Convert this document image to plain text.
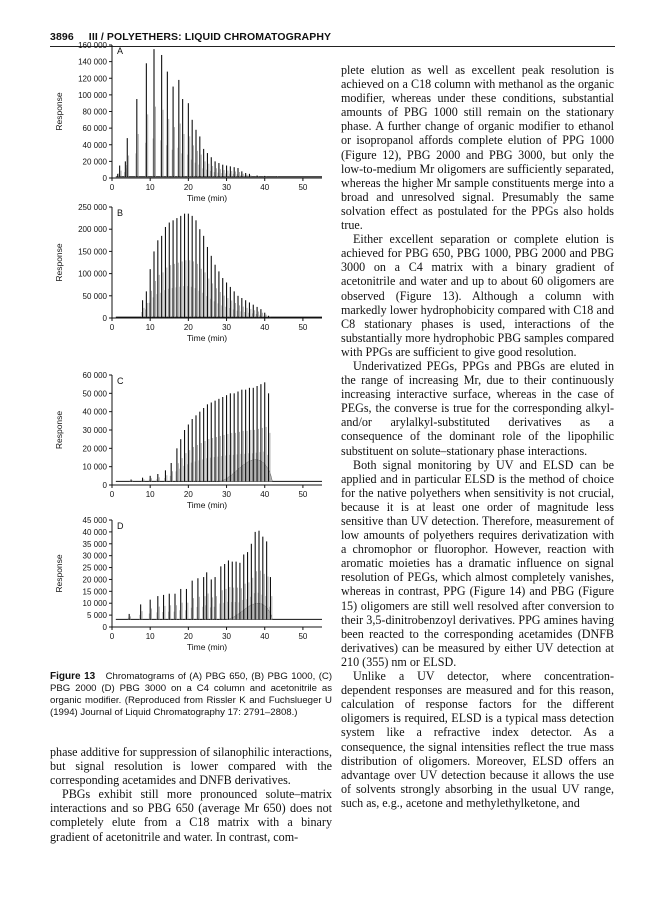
3896 III / POLYETHERS: LIQUID CHROMATOGRAPHY
0
20 000
40 000
60 000
80 000
100 000
120 000
140 000
160 000
0	10	20	30	40	50
Time (min)
Response
A
0
50 000
100 000
150 000
200 000
250 000
0	10	20	30	40	50
Time (min)
Response
B
0
10 000
20 000
30 000
40 000
50 000
60 000
0	10	20	30	40	50
Time (min)
Response
C
0
5 000
10 000
15 000
20 000
25 000
30 000
35 000
40 000
45 000
0	10	20	30	40	50
Time (min)
Response
D
Figure 13 Chromatograms of (A) PBG 650, (B) PBG 1000, (C) PBG 2000 (D) PBG 3000 on a C4 column and acetonitrile as organic modifier. (Reproduced from Rissler K and Fuchslueger U (1994) Journal of Liquid Chromatography 17: 2791–2808.)

phase additive for suppression of silanophilic interactions, but signal resolution is lower compared with the corresponding acetamides and DNFB derivatives.

PBGs exhibit still more pronounced solute–matrix interactions and so PBG 650 (average Mr 650) does not completely elute from a C18 matrix with a binary gradient of acetonitrile and water. In contrast, com-

plete elution as well as excellent peak resolution is achieved on a C18 column with methanol as the organic modifier, whereas under these conditions, substantial amounts of PBG 1000 still remain on the stationary phase. A further change of organic modifier to ethanol or isopropanol affords complete elution of PPG 1000 (Figure 12), PBG 2000 and PBG 3000, but only the low-to-medium Mr oligomers are sufficiently separated, whereas the higher Mr sample constituents merge into a broad and unresolved signal. Presumably the same solvation effect as postulated for the PPGs also holds true.

Either excellent separation or complete elution is achieved for PBG 650, PBG 1000, PBG 2000 and PBG 3000 on a C4 matrix with a binary gradient of acetonitrile and water and up to about 60 oligomers are observed (Figure 13). Although a column with markedly lower hydrophobicity compared with C18 and C8 stationary phases is used, interactions of the substantially more hydrophobic PBG samples compared with PPGs are sufficient to give good resolution.

Underivatized PEGs, PPGs and PBGs are eluted in the range of increasing Mr, due to their continuously increasing interactive surface, whereas in the case of PEGs, the converse is true for the corresponding alkyl- and/or arylalkyl-substituted derivatives as a consequence of the dominant role of the lipophilic substituent on solute–stationary phase interactions.

Both signal monitoring by UV and ELSD can be applied and in particular ELSD is the method of choice for the native polyethers when sensitivity is not crucial, because it is at least one order of magnitude less sensitive than UV detection. Therefore, measurement of low amounts of polyethers requires derivatization with a chromophor or fluorophor. However, reaction with aromatic moieties has a dramatic influence on signal resolution of PEGs, which almost completely vanishes, whereas in contrast, PPG (Figure 14) and PBG (Figure 15) oligomers are still well resolved after conversion to their 3,5-dinitrobenzoyl derivatives. PPG amines having been reacted to the corresponding acetamides (DNFB derivatives) can be measured by either UV detection at 210 (355) nm or ELSD.

Unlike a UV detector, where concentration-dependent responses are measured and for this reason, calculation of response factors for the different oligomers is required, ELSD is a typical mass detection system like a refractive index detector. As a consequence, the signal intensities reflect the true mass distribution of oligomers. Moreover, ELSD offers an advantage over UV detection because it allows the use of solvents strongly absorbing in the usual UV range, such as, e.g., acetone and methylethylketone, and
